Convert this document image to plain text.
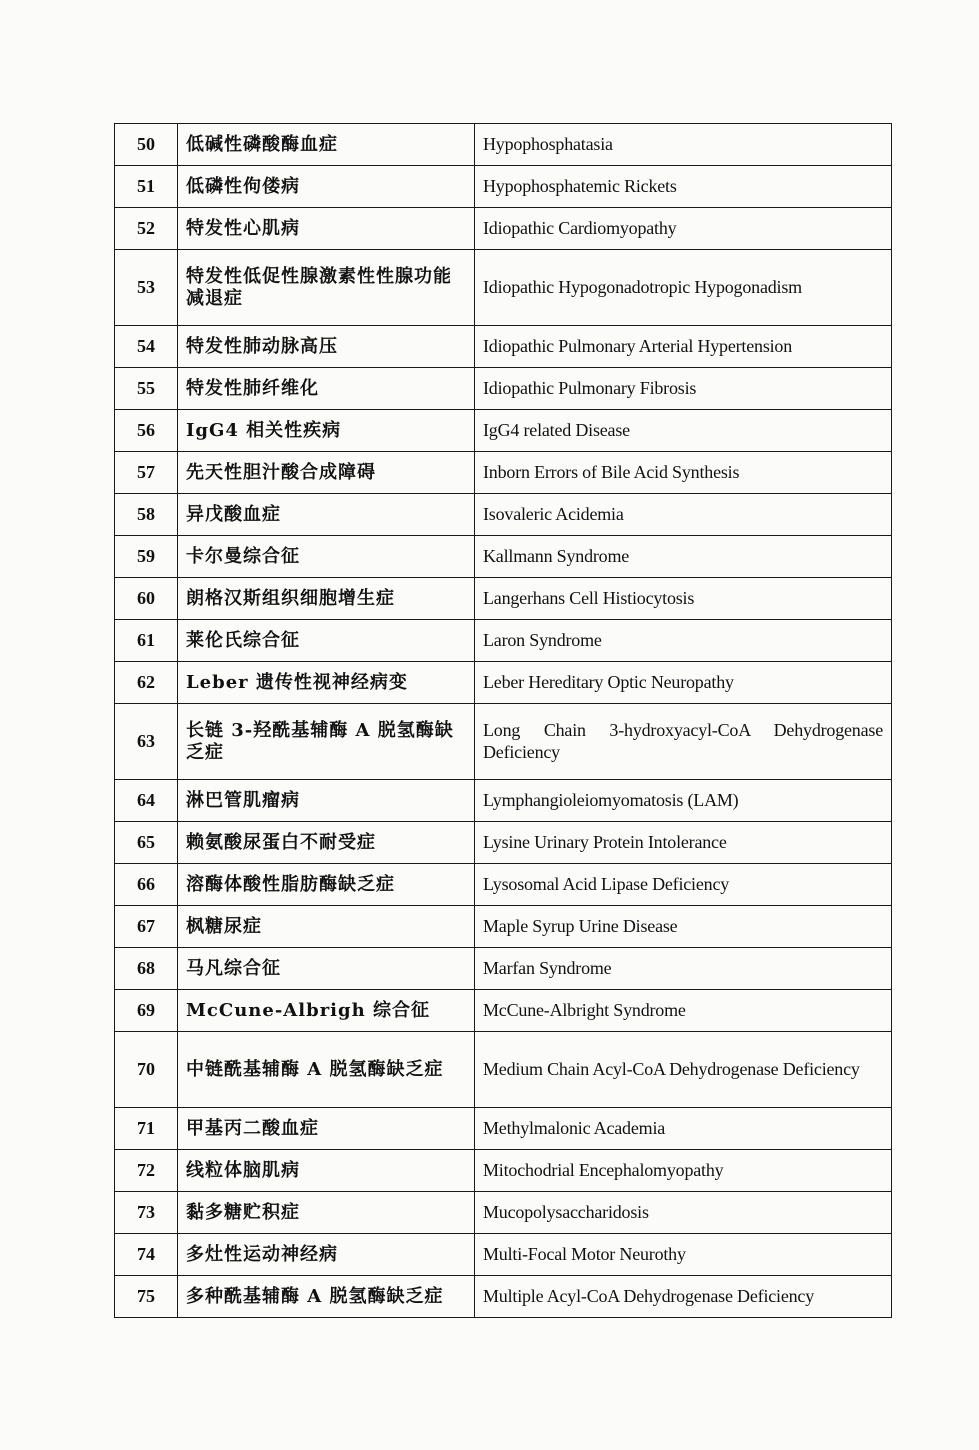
50	低碱性磷酸酶血症	Hypophosphatasia
51	低磷性佝偻病	Hypophosphatemic Rickets
52	特发性心肌病	Idiopathic Cardiomyopathy
53	特发性低促性腺激素性性腺功能减退症	Idiopathic Hypogonadotropic Hypogonadism
54	特发性肺动脉高压	Idiopathic Pulmonary Arterial Hypertension
55	特发性肺纤维化	Idiopathic Pulmonary Fibrosis
56	IgG4 相关性疾病	IgG4 related Disease
57	先天性胆汁酸合成障碍	Inborn Errors of Bile Acid Synthesis
58	异戊酸血症	Isovaleric Acidemia
59	卡尔曼综合征	Kallmann Syndrome
60	朗格汉斯组织细胞增生症	Langerhans Cell Histiocytosis
61	莱伦氏综合征	Laron Syndrome
62	Leber 遗传性视神经病变	Leber Hereditary Optic Neuropathy
63	长链 3-羟酰基辅酶 A 脱氢酶缺乏症	Long Chain 3-hydroxyacyl-CoA Dehydrogenase Deficiency
64	淋巴管肌瘤病	Lymphangioleiomyomatosis (LAM)
65	赖氨酸尿蛋白不耐受症	Lysine Urinary Protein Intolerance
66	溶酶体酸性脂肪酶缺乏症	Lysosomal Acid Lipase Deficiency
67	枫糖尿症	Maple Syrup Urine Disease
68	马凡综合征	Marfan Syndrome
69	McCune-Albrigh 综合征	McCune-Albright Syndrome
70	中链酰基辅酶 A 脱氢酶缺乏症	Medium Chain Acyl-CoA Dehydrogenase Deficiency
71	甲基丙二酸血症	Methylmalonic Academia
72	线粒体脑肌病	Mitochodrial Encephalomyopathy
73	黏多糖贮积症	Mucopolysaccharidosis
74	多灶性运动神经病	Multi-Focal Motor Neurothy
75	多种酰基辅酶 A 脱氢酶缺乏症	Multiple Acyl-CoA Dehydrogenase Deficiency
